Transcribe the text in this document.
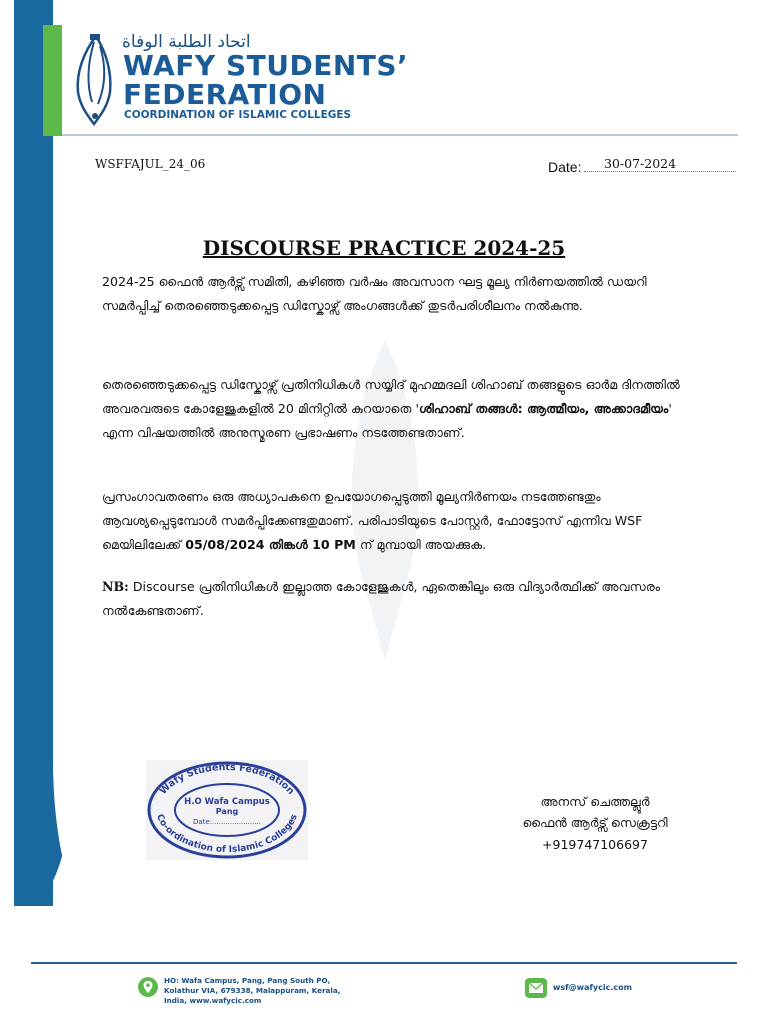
اتحاد الطلبة الوفاة
WAFY STUDENTS’
FEDERATION
COORDINATION OF ISLAMIC COLLEGES
WSFFAJUL_24_06	Date: 30-07-2024
DISCOURSE PRACTICE 2024-25
2024-25 ഫൈൻ ആർട്സ് സമിതി, കഴിഞ്ഞ വർഷം അവസാന ഘട്ട മൂല്യ നിർണയത്തിൽ ഡയറി സമർപ്പിച്ച് തെരഞ്ഞെടുക്കപ്പെട്ട ഡിസ്കോഴ്സ് അംഗങ്ങൾക്ക് തുടർപരിശീലനം നൽകുന്നു.
തെരഞ്ഞെടുക്കപ്പെട്ട ഡിസ്കോഴ്സ് പ്രതിനിധികൾ സയ്യിദ് മുഹമ്മദലി ശിഹാബ് തങ്ങളുടെ ഓർമ ദിനത്തിൽ അവരവരുടെ കോളേജുകളിൽ 20 മിനിറ്റിൽ കുറയാതെ 'ശിഹാബ് തങ്ങൾ: ആത്മീയം, അക്കാദമീയം' എന്ന വിഷയത്തിൽ അനുസ്മരണ പ്രഭാഷണം നടത്തേണ്ടതാണ്.
പ്രസംഗാവതരണം ഒരു അധ്യാപകനെ ഉപയോഗപ്പെടുത്തി മൂല്യനിർണയം നടത്തേണ്ടതും ആവശ്യപ്പെടുമ്പോൾ സമർപ്പിക്കേണ്ടതുമാണ്. പരിപാടിയുടെ പോസ്റ്റർ, ഫോട്ടോസ് എന്നിവ WSF മെയിലിലേക്ക് 05/08/2024 തിങ്കൾ 10 PM ന് മുമ്പായി അയക്കുക.
NB: Discourse പ്രതിനിധികൾ ഇല്ലാത്ത കോളേജുകൾ, ഏതെങ്കിലും ഒരു വിദ്യാർത്ഥിക്ക് അവസരം നൽകേണ്ടതാണ്.
Wafy Students Federation
Co-ordination of Islamic Colleges
H.O Wafa Campus
Pang
Date:......................
അനസ് ചെത്തല്ലൂർ
ഫൈൻ ആർട്സ് സെക്രട്ടറി
+919747106697
HO: Wafa Campus, Pang, Pang South PO,
Kolathur VIA, 679338, Malappuram, Kerala,
India, www.wafycic.com
wsf@wafycic.com
